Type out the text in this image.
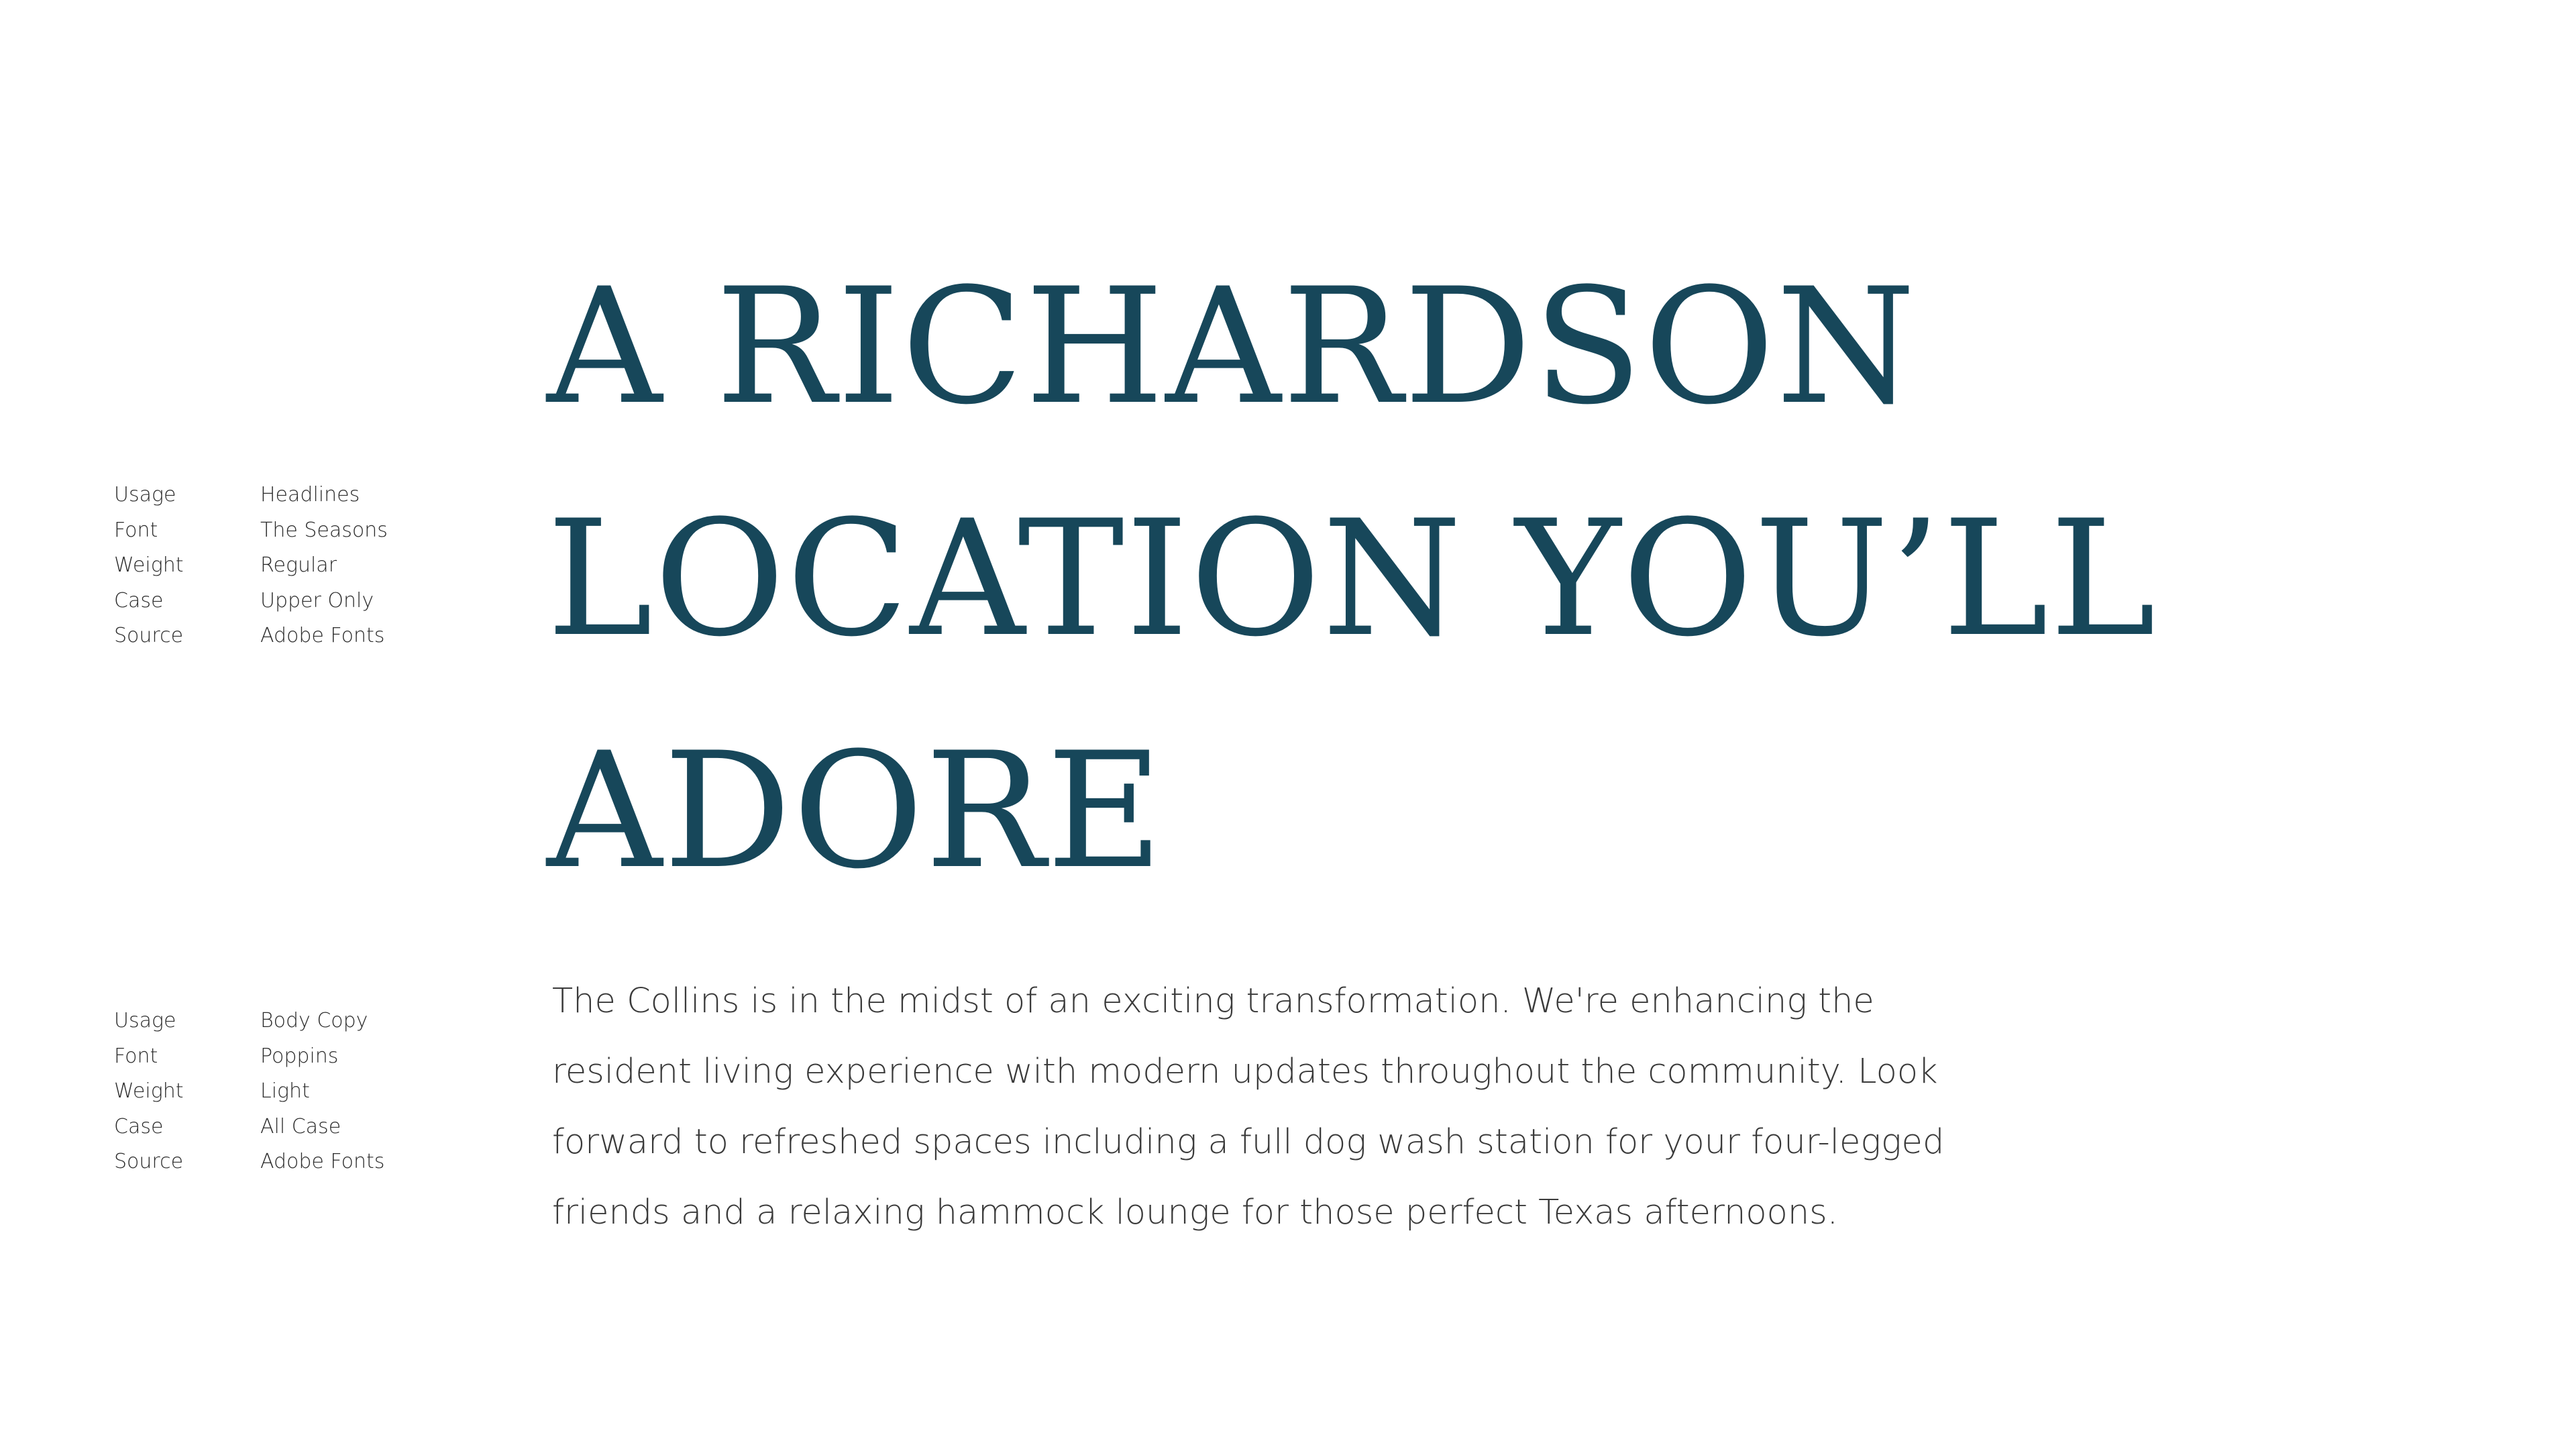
Usage	Headlines
Font	The Seasons
Weight	Regular
Case	Upper Only
Source	Adobe Fonts
A RICHARDSON
LOCATION YOU’LL
ADORE
Usage	Body Copy
Font	Poppins
Weight	Light
Case	All Case
Source	Adobe Fonts

The Collins is in the midst of an exciting transformation. We're enhancing the resident living experience with modern updates throughout the community. Look forward to refreshed spaces including a full dog wash station for your four-legged friends and a relaxing hammock lounge for those perfect Texas afternoons.
